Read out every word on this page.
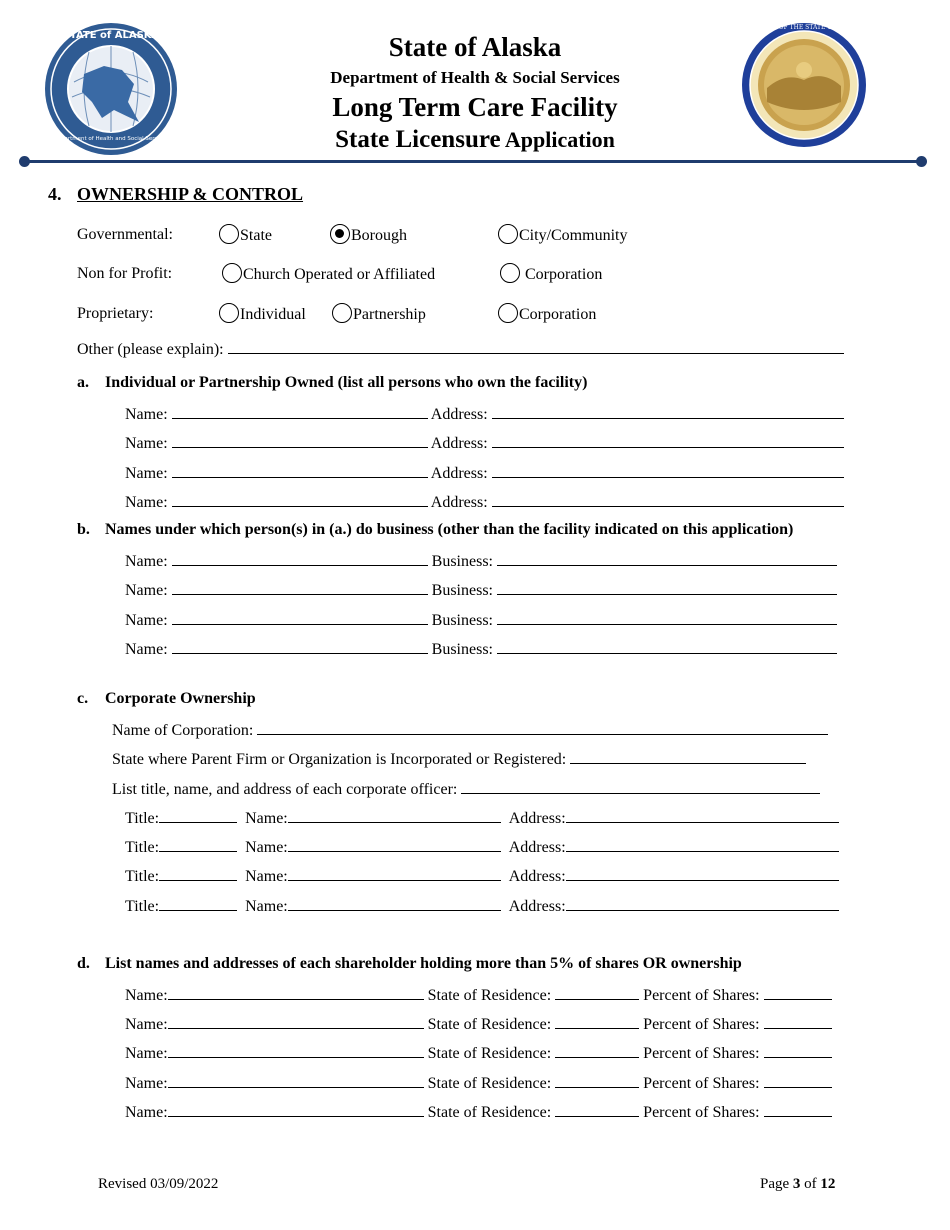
STATE of ALASKA
Department of Health and Social Services
THE SEAL OF THE STATE OF ALASKA
State of Alaska
Department of Health & Social Services
Long Term Care Facility
State Licensure Application
4. OWNERSHIP & CONTROL
Governmental:	State	Borough	City/Community
Non for Profit:	Church Operated or Affiliated	Corporation
Proprietary:	Individual	Partnership	Corporation
Other (please explain):
a. Individual or Partnership Owned (list all persons who own the facility)
Name:	Address:
Name:	Address:
Name:	Address:
Name:	Address:
b. Names under which person(s) in (a.) do business (other than the facility indicated on this application)
Name:	Business:
Name:	Business:
Name:	Business:
Name:	Business:
c. Corporate Ownership
Name of Corporation:
State where Parent Firm or Organization is Incorporated or Registered:
List title, name, and address of each corporate officer:
Title:	Name:	Address:
Title:	Name:	Address:
Title:	Name:	Address:
Title:	Name:	Address:
d. List names and addresses of each shareholder holding more than 5% of shares OR ownership
Name:	State of Residence:	Percent of Shares:
Name:	State of Residence:	Percent of Shares:
Name:	State of Residence:	Percent of Shares:
Name:	State of Residence:	Percent of Shares:
Name:	State of Residence:	Percent of Shares:
Revised 03/09/2022	Page 3 of 12
